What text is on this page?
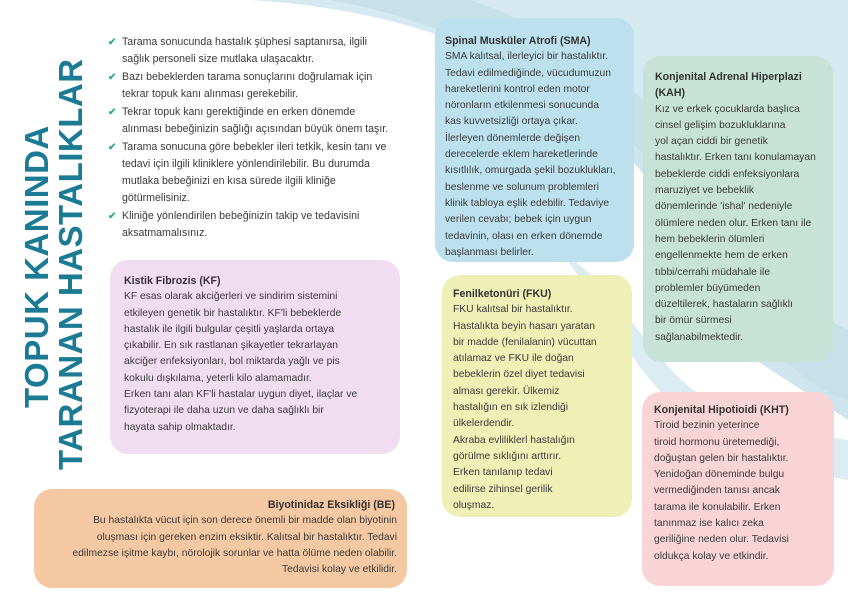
TOPUK KANINDA
TARANAN HASTALIKLAR
✔ Tarama sonucunda hastalık şüphesi saptanırsa, ilgili
sağlık personeli size mutlaka ulaşacaktır.
✔ Bazı bebeklerden tarama sonuçlarını doğrulamak için
tekrar topuk kanı alınması gerekebilir.
✔ Tekrar topuk kanı gerektiğinde en erken dönemde
alınması bebeğinizin sağlığı açısından büyük önem taşır.
✔ Tarama sonucuna göre bebekler ileri tetkik, kesin tanı ve
tedavi için ilgili kliniklere yönlendirilebilir. Bu durumda
mutlaka bebeğinizi en kısa sürede ilgili kliniğe
götürmelisiniz.
✔ Kliniğe yönlendirilen bebeğinizin takip ve tedavisini
aksatmamalısınız.
Spinal Musküler Atrofi (SMA)
SMA kalıtsal, ilerleyici bir hastalıktır.
Tedavi edilmediğinde, vücudumuzun
hareketlerini kontrol eden motor
nöronların etkilenmesi sonucunda
kas kuvvetsizliği ortaya çıkar.
İlerleyen dönemlerde değişen
derecelerde eklem hareketlerinde
kısıtlılık, omurgada şekil bozuklukları,
beslenme ve solunum problemleri
klinik tabloya eşlik edebilir. Tedaviye
verilen cevabı; bebek için uygun
tedavinin, olası en erken dönemde
başlanması belirler.
Konjenital Adrenal Hiperplazi
(KAH)
Kız ve erkek çocuklarda başlıca
cinsel gelişim bozukluklarına
yol açan ciddi bir genetik
hastalıktır. Erken tanı konulamayan
bebeklerde ciddi enfeksiyonlara
maruziyet ve bebeklik
dönemlerinde 'ishal' nedeniyle
ölümlere neden olur. Erken tanı ile
hem bebeklerin ölümleri
engellenmekte hem de erken
tıbbi/cerrahi müdahale ile
problemler büyümeden
düzeltilerek, hastaların sağlıklı
bir ömür sürmesi
sağlanabilmektedir.
Kistik Fibrozis (KF)
KF esas olarak akciğerleri ve sindirim sistemini
etkileyen genetik bir hastalıktır. KF'li bebeklerde
hastalık ile ilgili bulgular çeşitli yaşlarda ortaya
çıkabilir. En sık rastlanan şikayetler tekrarlayan
akciğer enfeksiyonları, bol miktarda yağlı ve pis
kokulu dışkılama, yeterli kilo alamamadır.
Erken tanı alan KF'li hastalar uygun diyet, ilaçlar ve
fizyoterapi ile daha uzun ve daha sağlıklı bir
hayata sahip olmaktadır.
Fenilketonüri (FKU)
FKU kalıtsal bir hastalıktır.
Hastalıkta beyin hasarı yaratan
bir madde (fenilalanin) vücuttan
atılamaz ve FKU ile doğan
bebeklerin özel diyet tedavisi
alması gerekir. Ülkemiz
hastalığın en sık izlendiği
ülkelerdendir.
Akraba evliliklerl hastalığın
görülme sıklığını arttırır.
Erken tanılanıp tedavi
edilirse zihinsel gerilik
oluşmaz.
Konjenital Hipotioidi (KHT)
Tiroid bezinin yeterince
tiroid hormonu üretemediği,
doğuştan gelen bir hastalıktır.
Yenidoğan döneminde bulgu
vermediğinden tanısı ancak
tarama ile konulabilir. Erken
tanınmaz ise kalıcı zeka
geriliğine neden olur. Tedavisi
oldukça kolay ve etkindir.
Biyotinidaz Eksikliği (BE)
Bu hastalıkta vücut için son derece önemli bir madde olan biyotinin
oluşması için gereken enzim eksiktir. Kalıtsal bir hastalıktır. Tedavi
edilmezse işitme kaybı, nörolojik sorunlar ve hatta ölüme neden olabilir.
Tedavisi kolay ve etkilidir.
